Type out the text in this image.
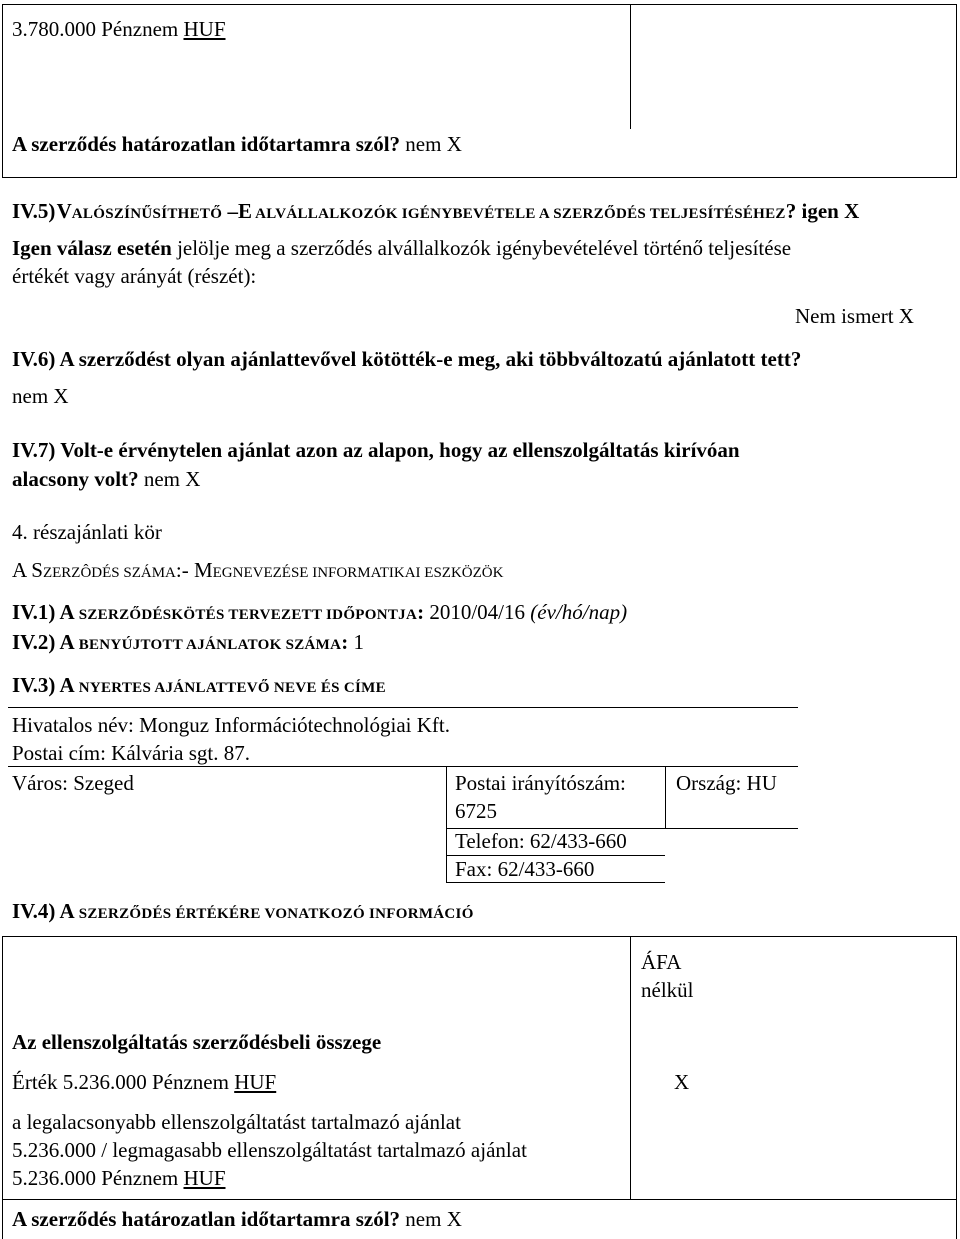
3.780.000 Pénznem HUF
A szerződés határozatlan időtartamra szól? nem X
IV.5) VALÓSZÍNŰSÍTHETŐ –E ALVÁLLALKOZÓK IGÉNYBEVÉTELE A SZERZŐDÉS TELJESÍTÉSÉHEZ? igen X
Igen válasz esetén jelölje meg a szerződés alvállalkozók igénybevételével történő teljesítése
értékét vagy arányát (részét):
Nem ismert X
IV.6) A szerződést olyan ajánlattevővel kötötték-e meg, aki többváltozatú ajánlatott tett?
nem X
IV.7) Volt-e érvénytelen ajánlat azon az alapon, hogy az ellenszolgáltatás kirívóan
alacsony volt? nem X
4. részajánlati kör
A SZERZÔDÉS SZÁMA:- MEGNEVEZÉSE INFORMATIKAI ESZKÖZÖK
IV.1) A SZERZŐDÉSKÖTÉS TERVEZETT IDŐPONTJA: 2010/04/16 (év/hó/nap)
IV.2) A BENYÚJTOTT AJÁNLATOK SZÁMA: 1
IV.3) A NYERTES AJÁNLATTEVŐ NEVE ÉS CÍME
Hivatalos név: Monguz Információtechnológiai Kft.
Postai cím: Kálvária sgt. 87.
Város: Szeged	Postai irányítószám:
6725
Ország: HU
Telefon: 62/433-660
Fax: 62/433-660
IV.4) A SZERZŐDÉS ÉRTÉKÉRE VONATKOZÓ INFORMÁCIÓ
ÁFA
nélkül
Az ellenszolgáltatás szerződésbeli összege
Érték 5.236.000 Pénznem HUF	X
a legalacsonyabb ellenszolgáltatást tartalmazó ajánlat
5.236.000 / legmagasabb ellenszolgáltatást tartalmazó ajánlat
5.236.000 Pénznem HUF
A szerződés határozatlan időtartamra szól? nem X
